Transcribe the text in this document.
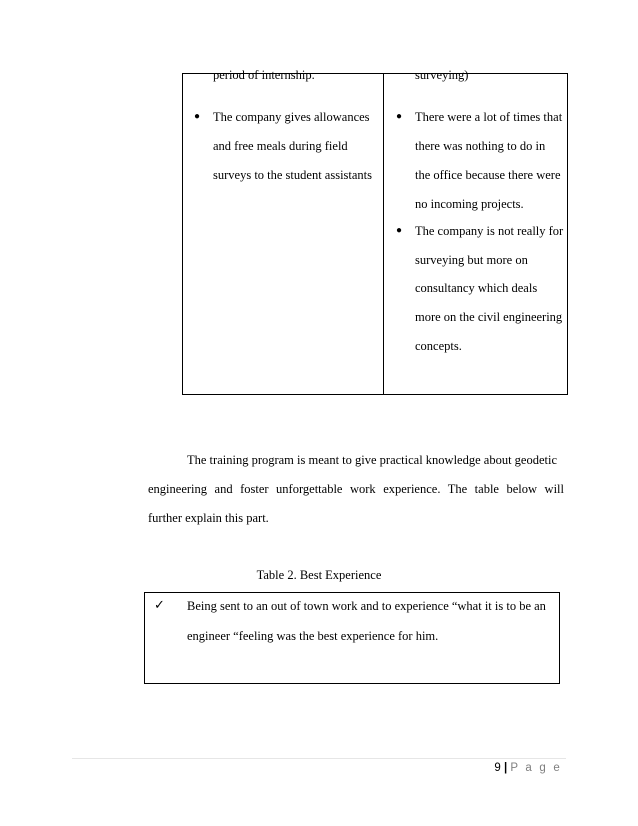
period of internship.
● The company gives allowances
and free meals during field
surveys to the student assistants
surveying)
● There were a lot of times that
there was nothing to do in
the office because there were
no incoming projects.
● The company is not really for
surveying but more on
consultancy which deals
more on the civil engineering
concepts.
The training program is meant to give practical knowledge about geodetic
engineering and foster unforgettable work experience. The table below will
further explain this part.
Table 2. Best Experience
✓ Being sent to an out of town work and to experience “what it is to be an
engineer “feeling was the best experience for him.
9 | P a g e
